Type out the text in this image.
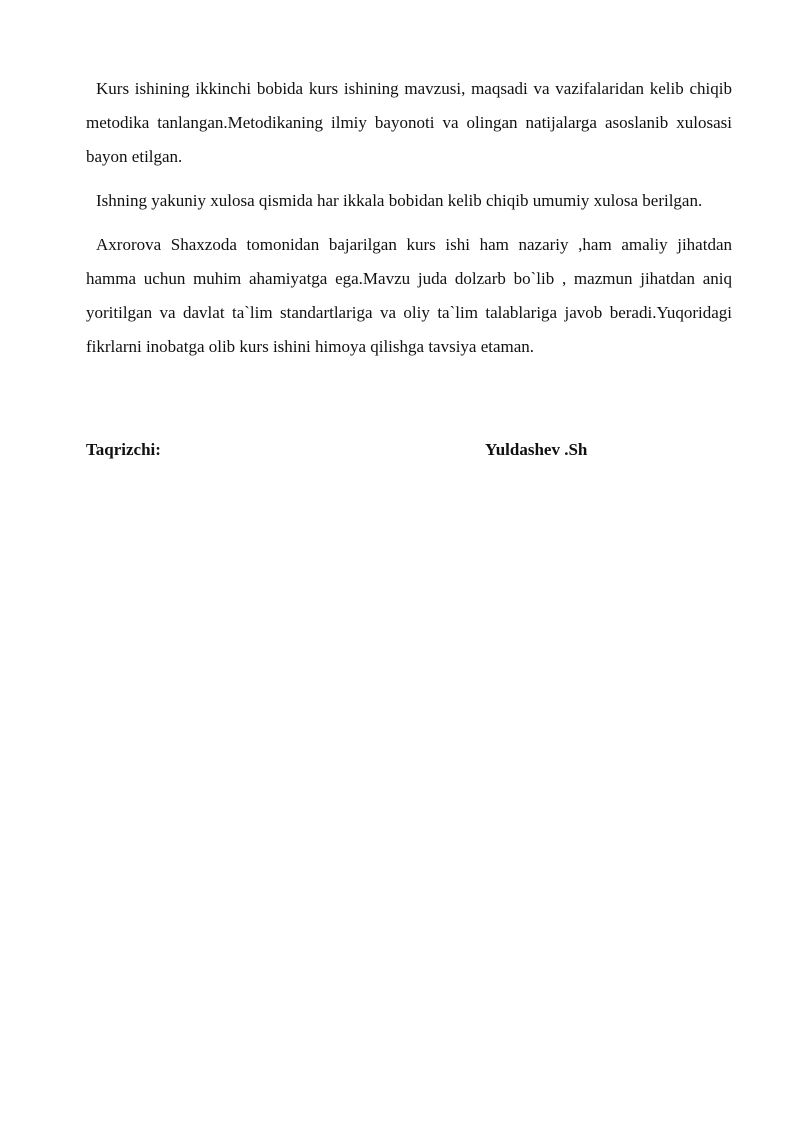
Kurs ishining ikkinchi bobida kurs ishining mavzusi, maqsadi va vazifalaridan kelib chiqib metodika tanlangan.Metodikaning ilmiy bayonoti va olingan natijalarga asoslanib xulosasi bayon etilgan.

Ishning yakuniy xulosa qismida har ikkala bobidan kelib chiqib umumiy xulosa berilgan.

Axrorova Shaxzoda tomonidan bajarilgan kurs ishi ham nazariy ,ham amaliy jihatdan hamma uchun muhim ahamiyatga ega.Mavzu juda dolzarb bo`lib , mazmun jihatdan aniq yoritilgan va davlat ta`lim standartlariga va oliy ta`lim talablariga javob beradi.Yuqoridagi fikrlarni inobatga olib kurs ishini himoya qilishga tavsiya etaman.

Taqrizchi:	Yuldashev .Sh
